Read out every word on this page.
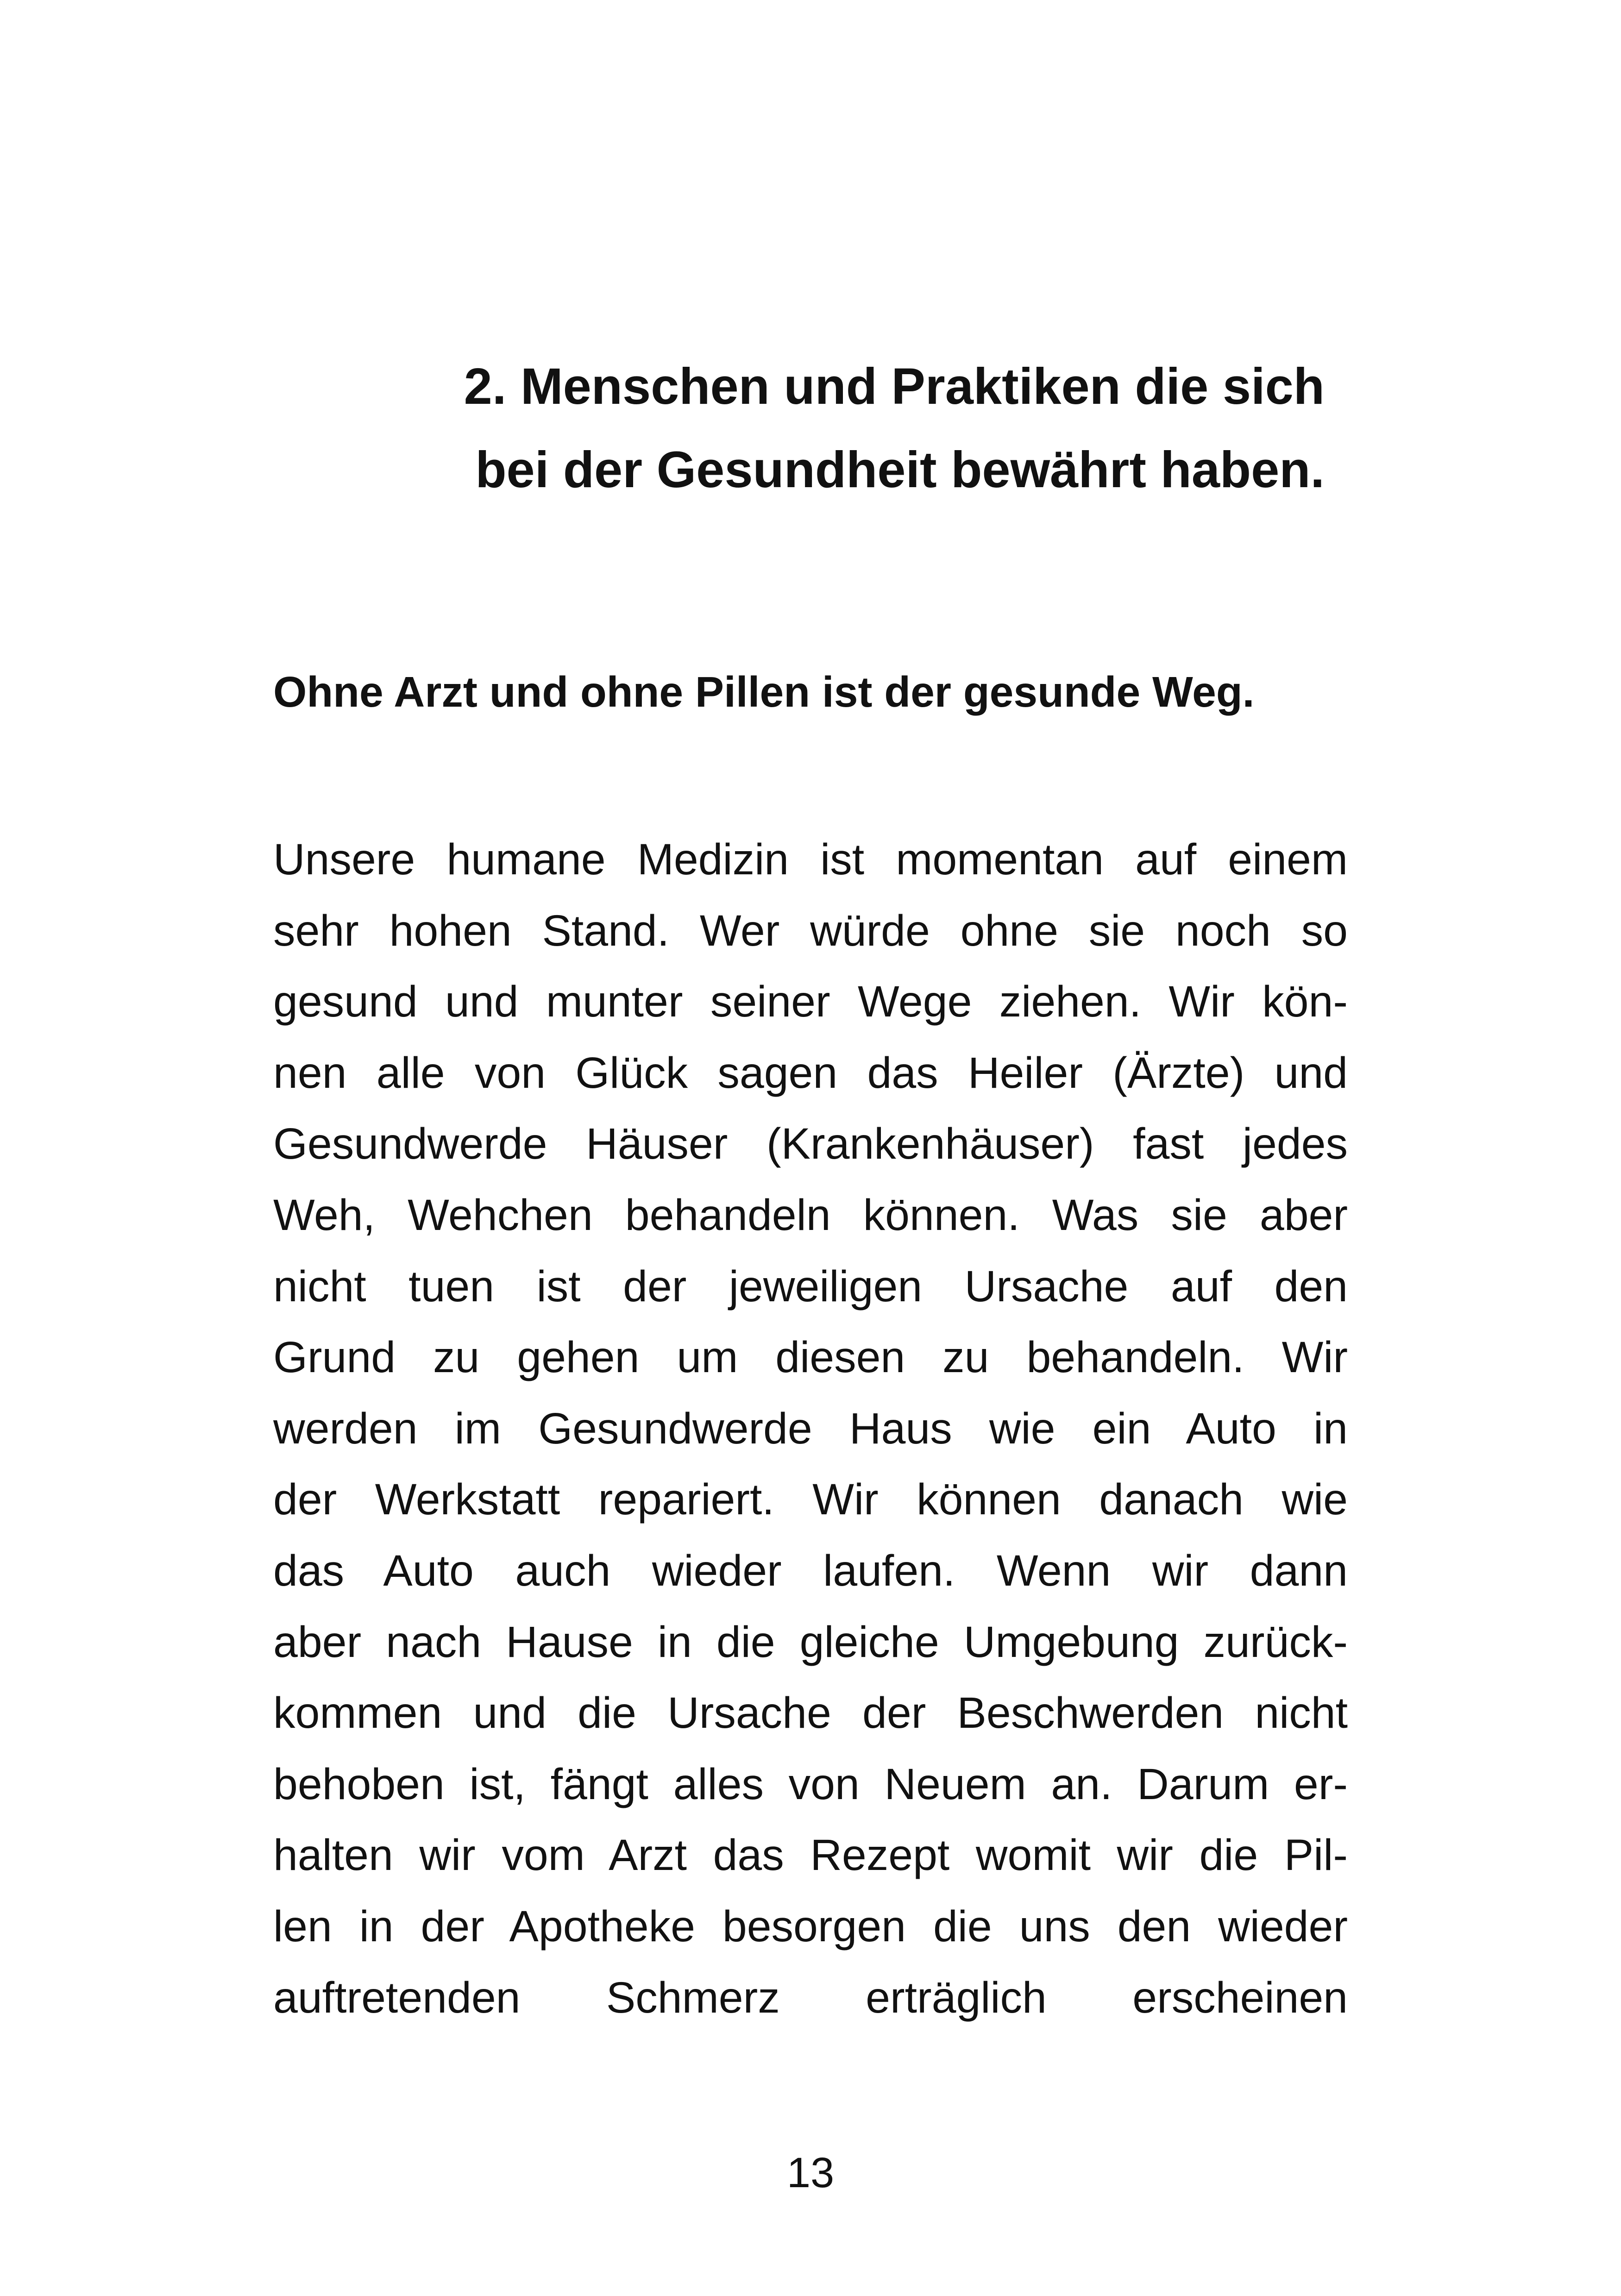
2. Menschen und Praktiken die sich
bei der Gesundheit bewährt haben.
Ohne Arzt und ohne Pillen ist der gesunde Weg.
Unsere humane Medizin ist momentan auf einem
sehr hohen Stand. Wer würde ohne sie noch so
gesund und munter seiner Wege ziehen. Wir kön-
nen alle von Glück sagen das Heiler (Ärzte) und
Gesundwerde Häuser (Krankenhäuser) fast jedes
Weh, Wehchen behandeln können. Was sie aber
nicht tuen ist der jeweiligen Ursache auf den
Grund zu gehen um diesen zu behandeln. Wir
werden im Gesundwerde Haus wie ein Auto in
der Werkstatt repariert. Wir können danach wie
das Auto auch wieder laufen. Wenn wir dann
aber nach Hause in die gleiche Umgebung zurück-
kommen und die Ursache der Beschwerden nicht
behoben ist, fängt alles von Neuem an. Darum er-
halten wir vom Arzt das Rezept womit wir die Pil-
len in der Apotheke besorgen die uns den wieder
auftretenden Schmerz erträglich erscheinen
13
